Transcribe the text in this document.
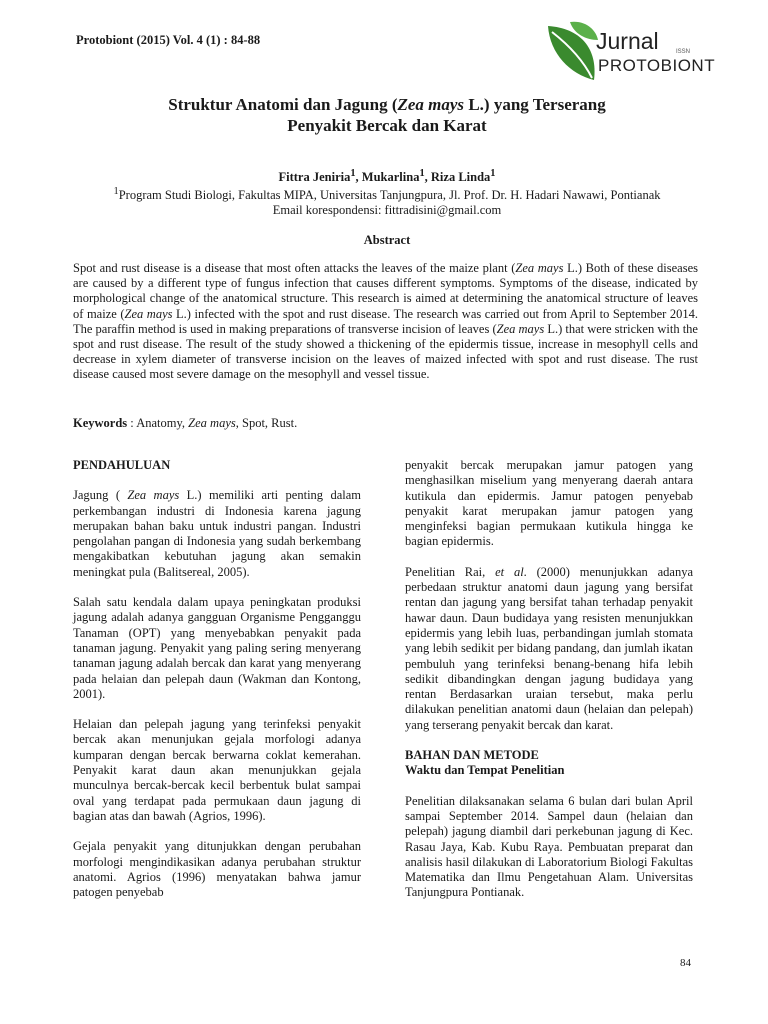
Protobiont (2015) Vol. 4 (1) : 84-88	Jurnal	ISSN
PROTOBIONT
Struktur Anatomi dan Jagung (Zea mays L.) yang Terserang
Penyakit Bercak dan Karat
Fittra Jeniria$^1$, Mukarlina$^1$, Riza Linda$^1$
$^1$Program Studi Biologi, Fakultas MIPA, Universitas Tanjungpura, Jl. Prof. Dr. H. Hadari Nawawi, Pontianak
Email korespondensi: fittradisini@gmail.com
Abstract
Spot and rust disease is a disease that most often attacks the leaves of the maize plant (Zea mays L.) Both of these diseases are caused by a different type of fungus infection that causes different symptoms. Symptoms of the disease, indicated by morphological change of the anatomical structure. This research is aimed at determining the anatomical structure of leaves of maize (Zea mays L.) infected with the spot and rust disease. The research was carried out from April to September 2014. The paraffin method is used in making preparations of transverse incision of leaves (Zea mays L.) that were stricken with the spot and rust disease. The result of the study showed a thickening of the epidermis tissue, increase in mesophyll cells and decrease in xylem diameter of transverse incision on the leaves of maized infected with spot and rust disease. The rust disease caused most severe damage on the mesophyll and vessel tissue.
Keywords : Anatomy, Zea mays, Spot, Rust.
PENDAHULUAN

Jagung ( Zea mays L.) memiliki arti penting dalam perkembangan industri di Indonesia karena jagung merupakan bahan baku untuk industri pangan. Industri pengolahan pangan di Indonesia yang sudah berkembang mengakibatkan kebutuhan jagung akan semakin meningkat pula (Balitsereal, 2005).

Salah satu kendala dalam upaya peningkatan produksi jagung adalah adanya gangguan Organisme Pengganggu Tanaman (OPT) yang menyebabkan penyakit pada tanaman jagung. Penyakit yang paling sering menyerang tanaman jagung adalah bercak dan karat yang menyerang pada helaian dan pelepah daun (Wakman dan Kontong, 2001).

Helaian dan pelepah jagung yang terinfeksi penyakit bercak akan menunjukan gejala morfologi adanya kumparan dengan bercak berwarna coklat kemerahan. Penyakit karat daun akan menunjukkan gejala munculnya bercak-bercak kecil berbentuk bulat sampai oval yang terdapat pada permukaan daun jagung di bagian atas dan bawah (Agrios, 1996).

Gejala penyakit yang ditunjukkan dengan perubahan morfologi mengindikasikan adanya perubahan struktur anatomi. Agrios (1996) menyatakan bahwa jamur patogen penyebab

penyakit bercak merupakan jamur patogen yang menghasilkan miselium yang menyerang daerah antara kutikula dan epidermis. Jamur patogen penyebab penyakit karat merupakan jamur patogen yang menginfeksi bagian permukaan kutikula hingga ke bagian epidermis.

Penelitian Rai, et al. (2000) menunjukkan adanya perbedaan struktur anatomi daun jagung yang bersifat rentan dan jagung yang bersifat tahan terhadap penyakit hawar daun. Daun budidaya yang resisten menunjukkan epidermis yang lebih luas, perbandingan jumlah stomata yang lebih sedikit per bidang pandang, dan jumlah ikatan pembuluh yang terinfeksi benang-benang hifa lebih sedikit dibandingkan dengan jagung budidaya yang rentan Berdasarkan uraian tersebut, maka perlu dilakukan penelitian anatomi daun (helaian dan pelepah) yang terserang penyakit bercak dan karat.

BAHAN DAN METODE
Waktu dan Tempat Penelitian

Penelitian dilaksanakan selama 6 bulan dari bulan April sampai September 2014. Sampel daun (helaian dan pelepah) jagung diambil dari perkebunan jagung di Kec. Rasau Jaya, Kab. Kubu Raya. Pembuatan preparat dan analisis hasil dilakukan di Laboratorium Biologi Fakultas Matematika dan Ilmu Pengetahuan Alam. Universitas Tanjungpura Pontianak.

84
